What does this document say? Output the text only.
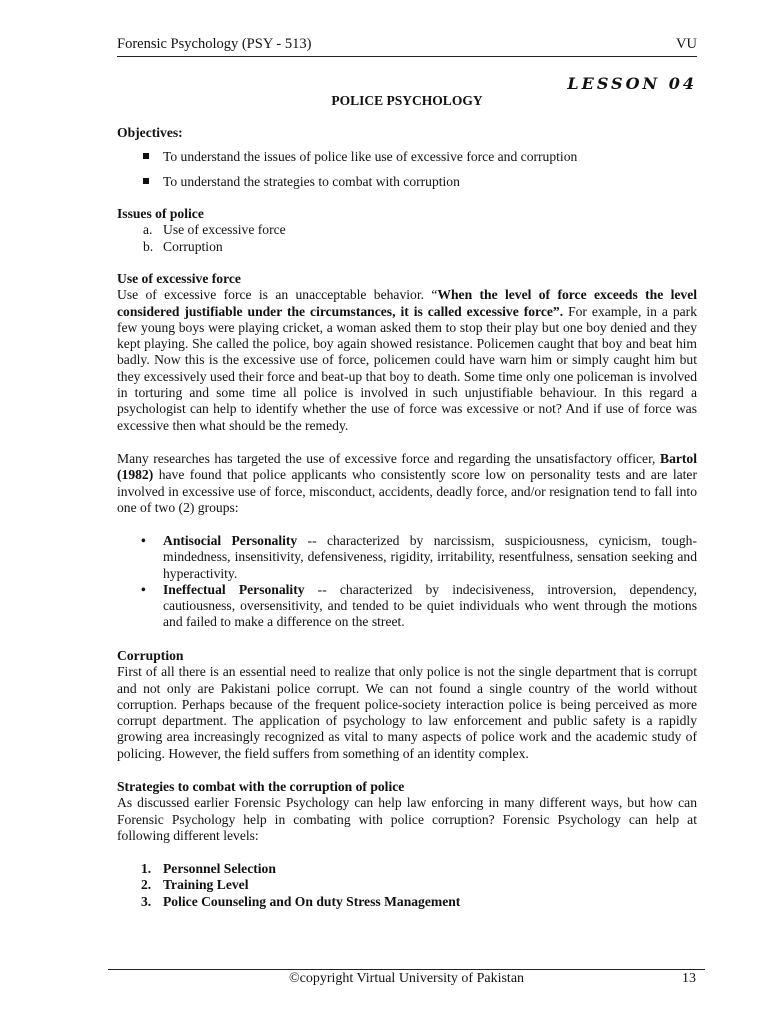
Forensic Psychology (PSY - 513)	VU
LESSON 04
POLICE PSYCHOLOGY
Objectives:
To understand the issues of police like use of excessive force and corruption
To understand the strategies to combat with corruption
Issues of police
a. Use of excessive force
b. Corruption
Use of excessive force

Use of excessive force is an unacceptable behavior. “When the level of force exceeds the level considered justifiable under the circumstances, it is called excessive force”. For example, in a park few young boys were playing cricket, a woman asked them to stop their play but one boy denied and they kept playing. She called the police, boy again showed resistance. Policemen caught that boy and beat him badly. Now this is the excessive use of force, policemen could have warn him or simply caught him but they excessively used their force and beat-up that boy to death. Some time only one policeman is involved in torturing and some time all police is involved in such unjustifiable behaviour. In this regard a psychologist can help to identify whether the use of force was excessive or not? And if use of force was excessive then what should be the remedy.

Many researches has targeted the use of excessive force and regarding the unsatisfactory officer, Bartol (1982) have found that police applicants who consistently score low on personality tests and are later involved in excessive use of force, misconduct, accidents, deadly force, and/or resignation tend to fall into one of two (2) groups:

• Antisocial Personality -- characterized by narcissism, suspiciousness, cynicism, tough-mindedness, insensitivity, defensiveness, rigidity, irritability, resentfulness, sensation seeking and hyperactivity.
• Ineffectual Personality -- characterized by indecisiveness, introversion, dependency, cautiousness, oversensitivity, and tended to be quiet individuals who went through the motions and failed to make a difference on the street.
Corruption

First of all there is an essential need to realize that only police is not the single department that is corrupt and not only are Pakistani police corrupt. We can not found a single country of the world without corruption. Perhaps because of the frequent police-society interaction police is being perceived as more corrupt department. The application of psychology to law enforcement and public safety is a rapidly growing area increasingly recognized as vital to many aspects of police work and the academic study of policing. However, the field suffers from something of an identity complex.

Strategies to combat with the corruption of police

As discussed earlier Forensic Psychology can help law enforcing in many different ways, but how can Forensic Psychology help in combating with police corruption? Forensic Psychology can help at following different levels:

1. Personnel Selection
2. Training Level
3. Police Counseling and On duty Stress Management
©copyright Virtual University of Pakistan	13
